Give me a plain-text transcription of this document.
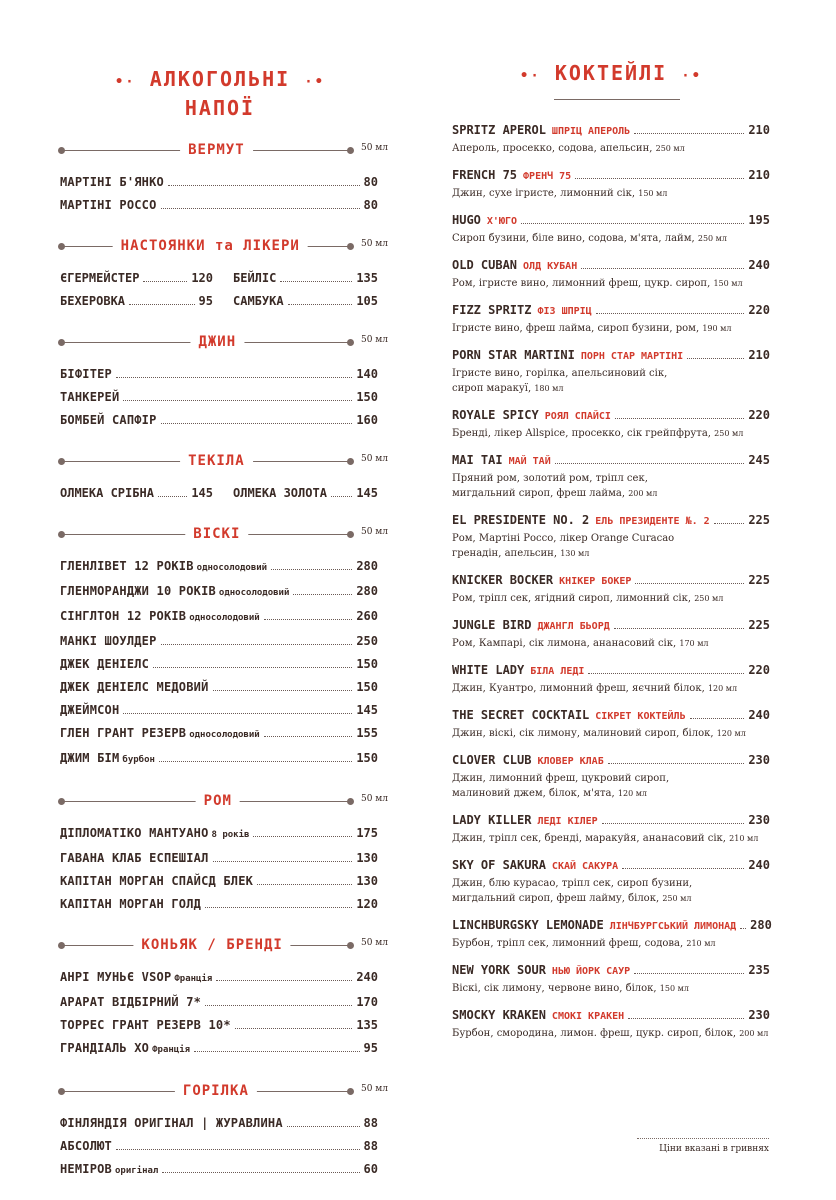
•· АЛКОГОЛЬНІ ·•
НАПОЇ
ВЕРМУТ	50 мл
МАРТІНІ Б'ЯНКО	80
МАРТІНІ РОССО	80
НАСТОЯНКИ та ЛІКЕРИ	50 мл
ЄГЕРМЕЙСТЕР	120 БЕЙЛІС	135
БЕХЕРОВКА	95 САМБУКА	105
ДЖИН	50 мл
БІФІТЕР	140
ТАНКЕРЕЙ	150
БОМБЕЙ САПФІР	160
ТЕКІЛА	50 мл
ОЛМЕКА СРІБНА	145 ОЛМЕКА ЗОЛОТА 145
ВІСКІ	50 мл
ГЛЕНЛІВЕТ 12 РОКІВ односолодовий	280
ГЛЕНМОРАНДЖИ 10 РОКІВ односолодовий	280
СІНГЛТОН 12 РОКІВ односолодовий	260
МАНКІ ШОУЛДЕР	250
ДЖЕК ДЕНІЕЛС	150
ДЖЕК ДЕНІЕЛС МЕДОВИЙ	150
ДЖЕЙМСОН	145
ГЛЕН ГРАНТ РЕЗЕРВ односолодовий	155
ДЖИМ БІМ бурбон	150
РОМ	50 мл
ДІПЛОМАТІКО МАНТУАНО 8 років	175
ГАВАНА КЛАБ ЕСПЕШІАЛ	130
КАПІТАН МОРГАН СПАЙСД БЛЕК	130
КАПІТАН МОРГАН ГОЛД	120
КОНЬЯК / БРЕНДІ	50 мл
АНРІ МУНЬЄ VSOP Франція	240
АРАРАТ ВІДБІРНИЙ 7*	170
ТОРРЕС ГРАНТ РЕЗЕРВ 10*	135
ГРАНДІАЛЬ ХО Франція	95
ГОРІЛКА	50 мл
ФІНЛЯНДІЯ ОРИГІНАЛ | ЖУРАВЛИНА	88
АБСОЛЮТ	88
НЕМІРОВ оригінал	60
•· КОКТЕЙЛІ ·•
SPRITZ APEROL ШПРІЦ АПЕРОЛЬ	210
Апероль, просекко, содова, апельсин, 250 мл
FRENCH 75 ФРЕНЧ 75	210
Джин, сухе ігристе, лимонний сік, 150 мл
HUGO Х'ЮГО	195
Сироп бузини, біле вино, содова, м'ята, лайм, 250 мл
OLD CUBAN ОЛД КУБАН	240
Ром, ігристе вино, лимонний фреш, цукр. сироп, 150 мл
FIZZ SPRITZ ФІЗ ШПРІЦ	220
Ігристе вино, фреш лайма, сироп бузини, ром, 190 мл
PORN STAR MARTINI ПОРН СТАР МАРТІНІ	210
Ігристе вино, горілка, апельсиновий сік,
сироп маракуї, 180 мл
ROYALE SPICY РОЯЛ СПАЙСІ	220
Бренді, лікер Allspice, просекко, сік грейпфрута, 250 мл
MAI TAI МАЙ ТАЙ	245
Пряний ром, золотий ром, тріпл сек,
мигдальний сироп, фреш лайма, 200 мл
EL PRESIDENTE NO. 2 ЕЛЬ ПРЕЗИДЕНТЕ №. 2	225
Ром, Мартіні Россо, лікер Orange Curacao
гренадін, апельсин, 130 мл
KNICKER BOCKER КНІКЕР БОКЕР	225
Ром, тріпл сек, ягідний сироп, лимонний сік, 250 мл
JUNGLE BIRD ДЖАНГЛ БЬОРД	225
Ром, Кампарі, сік лимона, ананасовий сік, 170 мл
WHITE LADY БІЛА ЛЕДІ	220
Джин, Куантро, лимонний фреш, яєчний білок, 120 мл
THE SECRET COCKTAIL СІКРЕТ КОКТЕЙЛЬ	240
Джин, віскі, сік лимону, малиновий сироп, білок, 120 мл
CLOVER CLUB КЛОВЕР КЛАБ	230
Джин, лимонний фреш, цукровий сироп,
малиновий джем, білок, м'ята, 120 мл
LADY KILLER ЛЕДІ КІЛЕР	230
Джин, тріпл сек, бренді, маракуйя, ананасовий сік, 210 мл
SKY OF SAKURA СКАЙ САКУРА	240
Джин, блю курасао, тріпл сек, сироп бузини,
мигдальний сироп, фреш лайму, білок, 250 мл
LINCHBURGSKY LEMONADE ЛІНЧБУРГСЬКИЙ ЛИМОНАД 280
Бурбон, тріпл сек, лимонний фреш, содова, 210 мл
NEW YORK SOUR НЬЮ ЙОРК САУР	235
Віскі, сік лимону, червоне вино, білок, 150 мл
SMOCKY KRAKEN СМОКІ КРАКЕН	230
Бурбон, смородина, лимон. фреш, цукр. сироп, білок, 200 мл
Ціни вказані в гривнях
